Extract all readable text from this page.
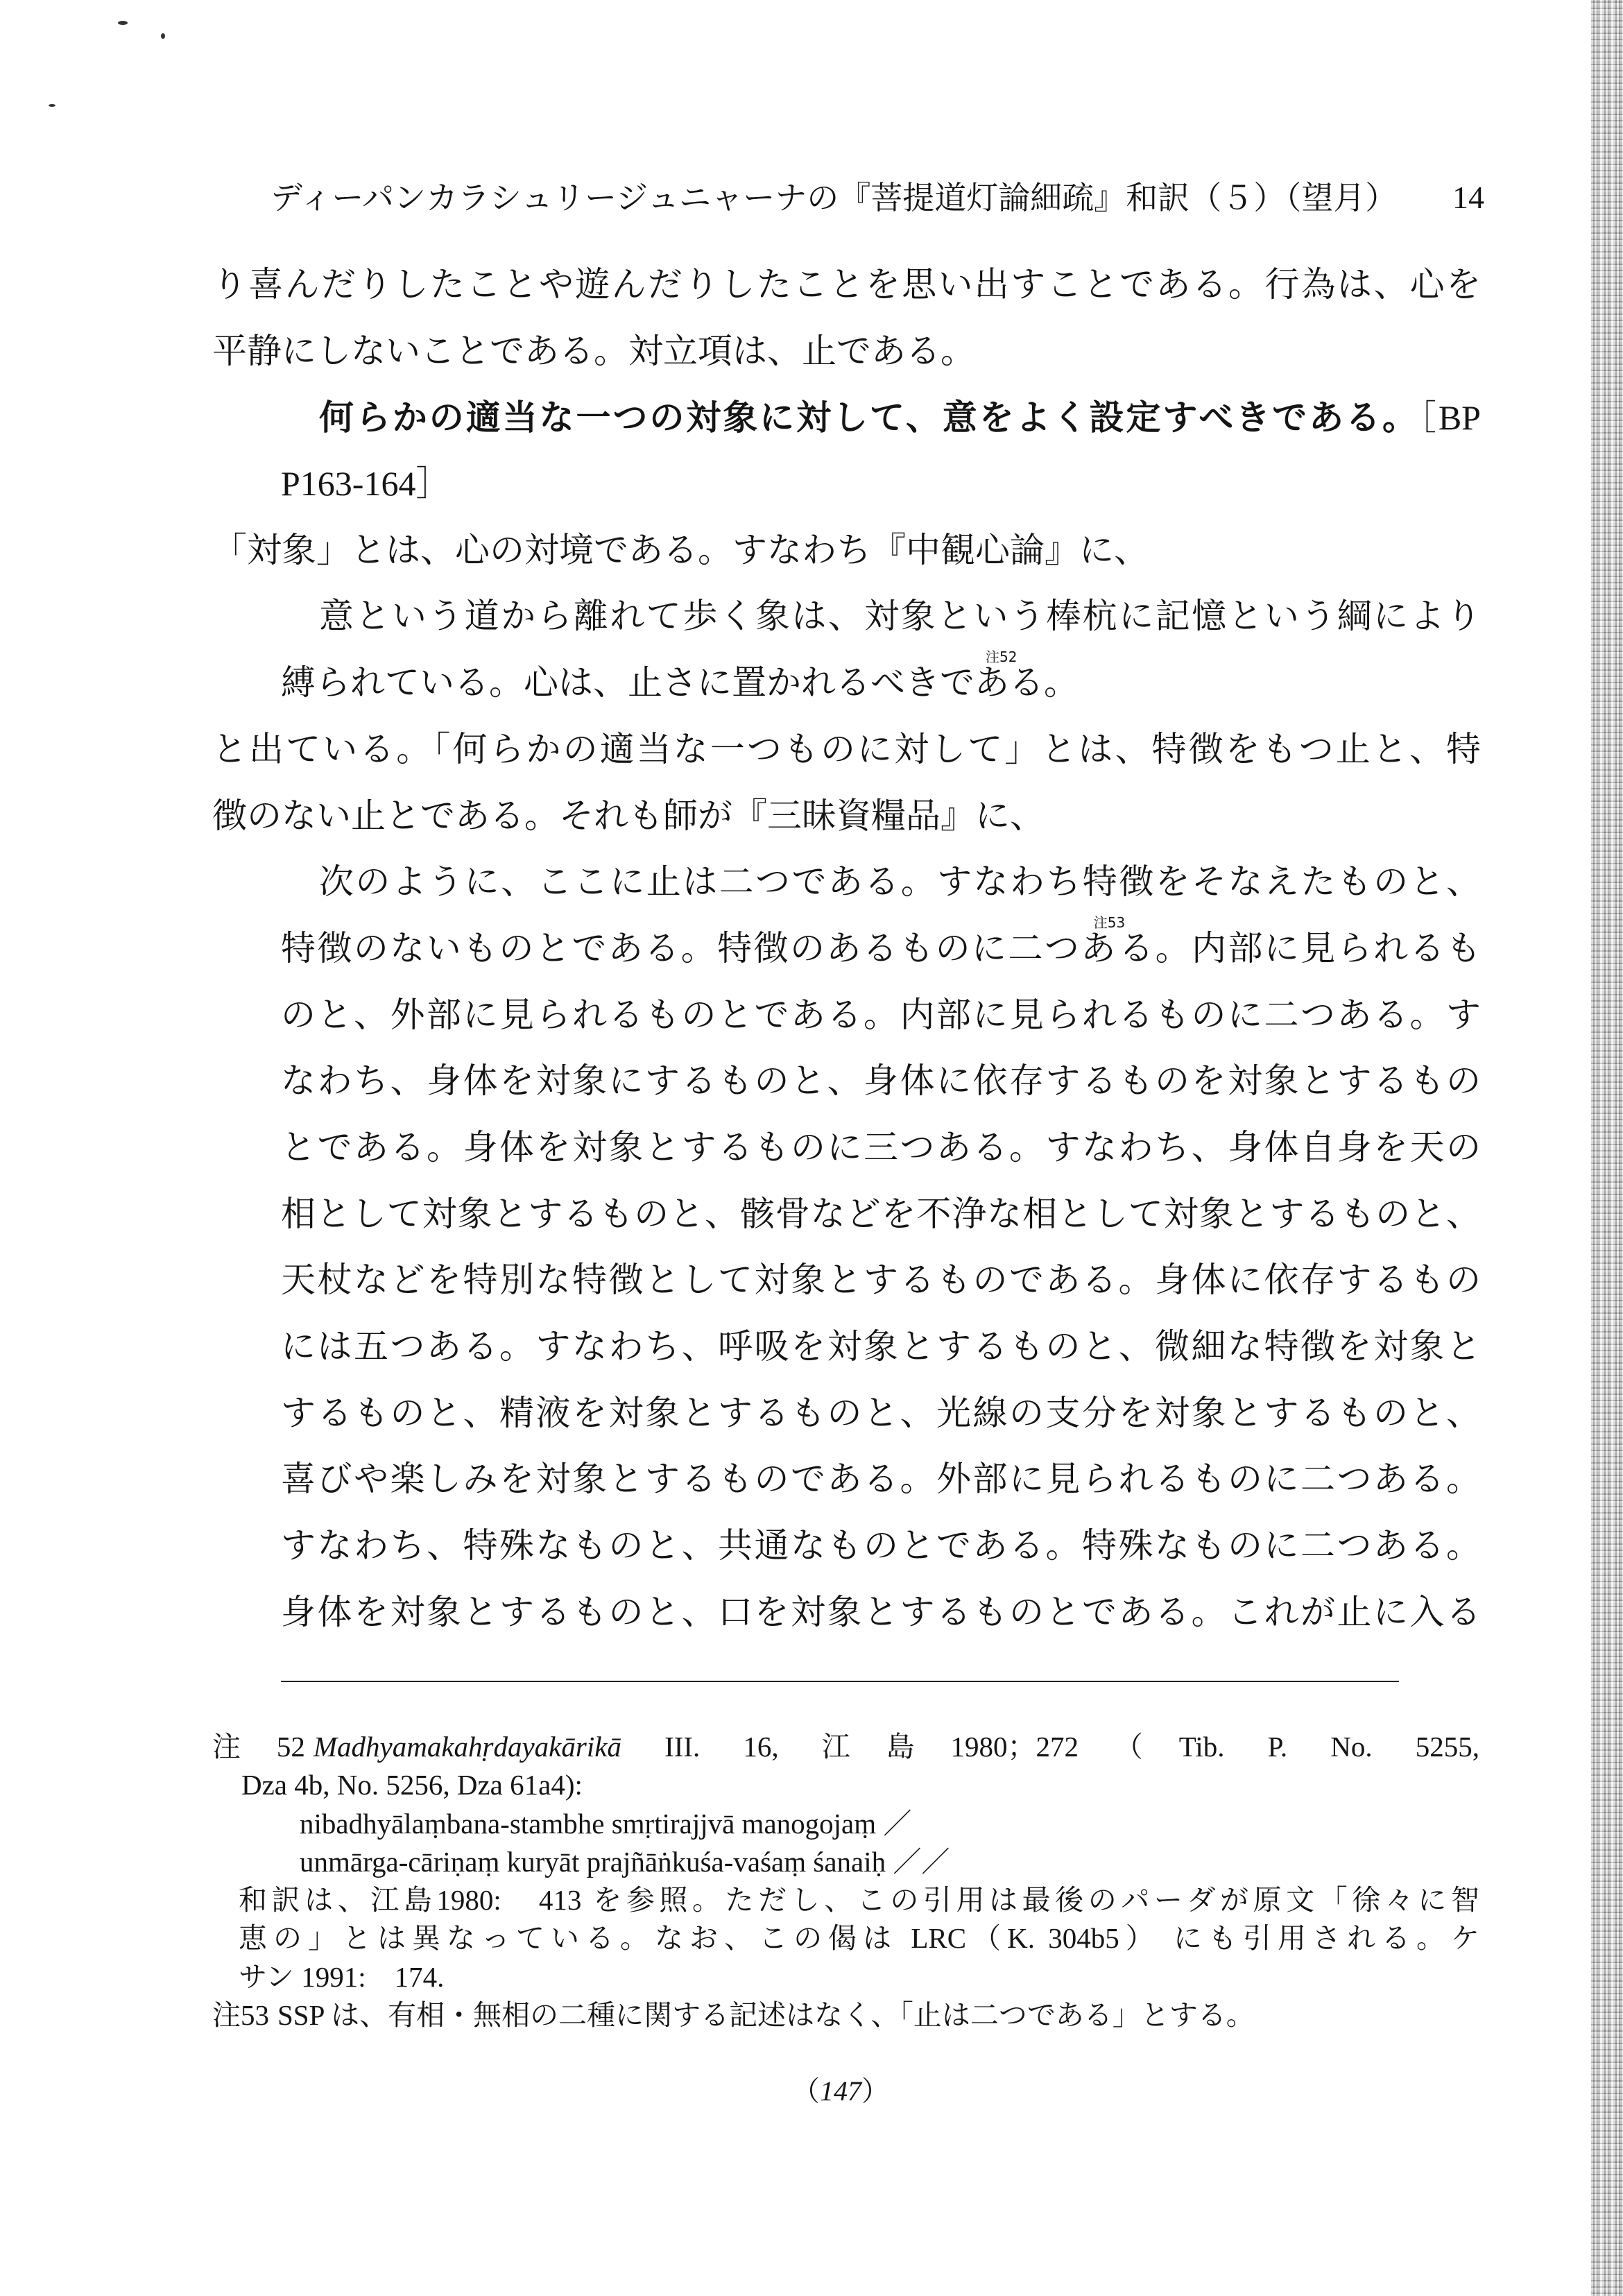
ディーパンカラシュリージュニャーナの『菩提道灯論細疏』和訳（５）（望月） 14
り喜んだりしたことや遊んだりしたことを思い出すことである。行為は、心を
平静にしないことである。対立項は、止である。
何らかの適当な一つの対象に対して、意をよく設定すべきである。［BP
P163-164］
「対象」とは、心の対境である。すなわち『中観心論』に、
意という道から離れて歩く象は、対象という棒杭に記憶という綱により
縛られている。心は、止さに置かれるべきであ
注52
る。
と出ている。「何らかの適当な一つものに対して」とは、特徴をもつ止と、特
徴のない止とである。それも師が『三昧資糧品』に、
次のように、ここに止は二つである。すなわち特徴をそなえたものと、
特徴のないものとである。特徴のあるものに二つあ
注53
る。内部に見られるも
のと、外部に見られるものとである。内部に見られるものに二つある。す
なわち、身体を対象にするものと、身体に依存するものを対象とするもの
とである。身体を対象とするものに三つある。すなわち、身体自身を天の
相として対象とするものと、骸骨などを不浄な相として対象とするものと、
天杖などを特別な特徴として対象とするものである。身体に依存するもの
には五つある。すなわち、呼吸を対象とするものと、微細な特徴を対象と
するものと、精液を対象とするものと、光線の支分を対象とするものと、
喜びや楽しみを対象とするものである。外部に見られるものに二つある。
すなわち、特殊なものと、共通なものとである。特殊なものに二つある。
身体を対象とするものと、口を対象とするものとである。これが止に入る
注52 Madhyamakahṛdayakārikā III. 16, 江島1980；272（Tib. P. No. 5255,
Dza 4b, No. 5256, Dza 61a4):
nibadhyālaṃbana-stambhe smṛtirajjvā manogojaṃ ／
unmārga-cāriṇaṃ kuryāt prajñāṅkuśa-vaśaṃ śanaiḥ ／／
和訳は、江島1980:　413 を参照。ただし、この引用は最後のパーダが原文「徐々に智
恵の」とは異なっている。なお、この偈は LRC（K. 304b5） にも引用される。ケ
サン 1991:　174.
注53 SSP は、有相・無相の二種に関する記述はなく、「止は二つである」とする。
（147）
